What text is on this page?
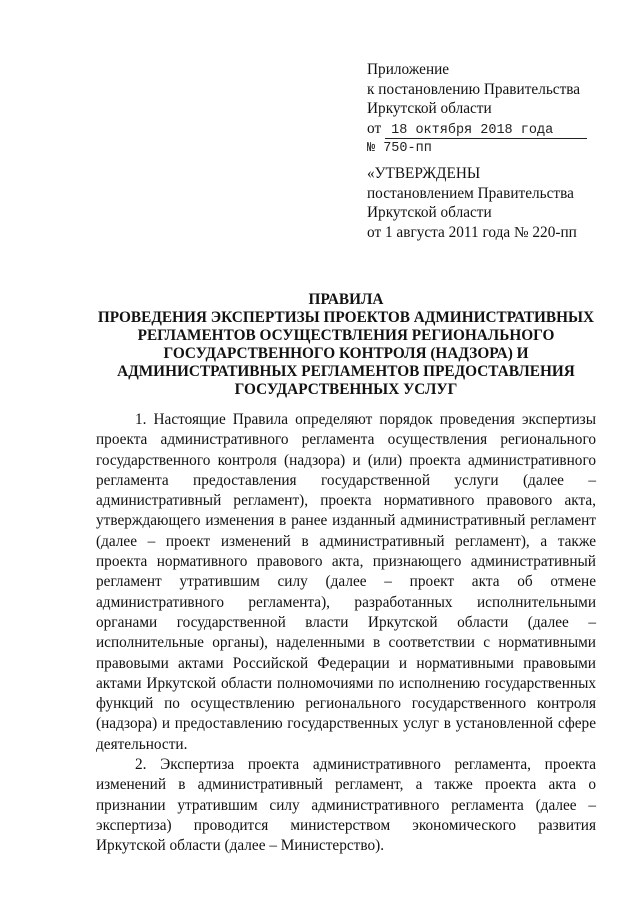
Приложение
к постановлению Правительства
Иркутской области
от 18 октября 2018 года
№ 750-пп
«УТВЕРЖДЕНЫ
постановлением Правительства
Иркутской области
от 1 августа 2011 года № 220-пп
ПРАВИЛА
ПРОВЕДЕНИЯ ЭКСПЕРТИЗЫ ПРОЕКТОВ АДМИНИСТРАТИВНЫХ
РЕГЛАМЕНТОВ ОСУЩЕСТВЛЕНИЯ РЕГИОНАЛЬНОГО
ГОСУДАРСТВЕННОГО КОНТРОЛЯ (НАДЗОРА) И
АДМИНИСТРАТИВНЫХ РЕГЛАМЕНТОВ ПРЕДОСТАВЛЕНИЯ
ГОСУДАРСТВЕННЫХ УСЛУГ

1. Настоящие Правила определяют порядок проведения экспертизы проекта административного регламента осуществления регионального государственного контроля (надзора) и (или) проекта административного регламента предоставления государственной услуги (далее – административный регламент), проекта нормативного правового акта, утверждающего изменения в ранее изданный административный регламент (далее – проект изменений в административный регламент), а также проекта нормативного правового акта, признающего административный регламент утратившим силу (далее – проект акта об отмене административного регламента), разработанных исполнительными органами государственной власти Иркутской области (далее – исполнительные органы), наделенными в соответствии с нормативными правовыми актами Российской Федерации и нормативными правовыми актами Иркутской области полномочиями по исполнению государственных функций по осуществлению регионального государственного контроля (надзора) и предоставлению государственных услуг в установленной сфере деятельности.

2. Экспертиза проекта административного регламента, проекта изменений в административный регламент, а также проекта акта о признании утратившим силу административного регламента (далее – экспертиза) проводится министерством экономического развития Иркутской области (далее – Министерство).
